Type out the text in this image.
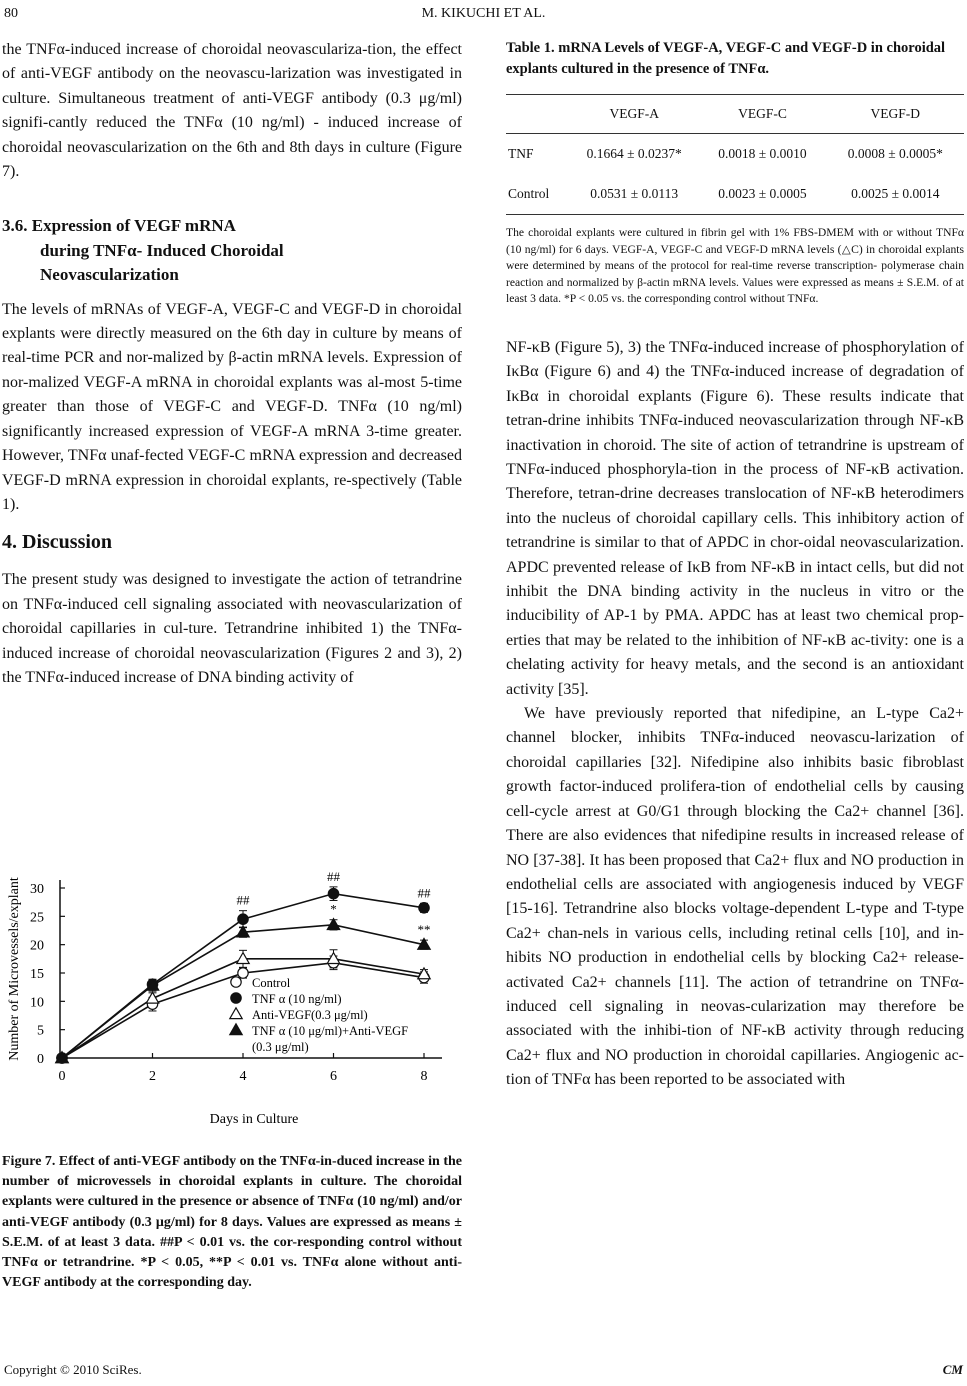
80	M. KIKUCHI ET AL.

the TNFα-induced increase of choroidal neovasculariza-tion, the effect of anti-VEGF antibody on the neovascu-larization was investigated in culture. Simultaneous treatment of anti-VEGF antibody (0.3 μg/ml) signifi-cantly reduced the TNFα (10 ng/ml) - induced increase of choroidal neovascularization on the 6th and 8th days in culture (Figure 7).

3.6. Expression of VEGF mRNA
during TNFα- Induced Choroidal
Neovascularization

The levels of mRNAs of VEGF-A, VEGF-C and VEGF-D in choroidal explants were directly measured on the 6th day in culture by means of real-time PCR and nor-malized by β-actin mRNA levels. Expression of nor-malized VEGF-A mRNA in choroidal explants was al-most 5-time greater than those of VEGF-C and VEGF-D. TNFα (10 ng/ml) significantly increased expression of VEGF-A mRNA 3-time greater. However, TNFα unaf-fected VEGF-C mRNA expression and decreased VEGF-D mRNA expression in choroidal explants, re-spectively (Table 1).

4. Discussion

The present study was designed to investigate the action of tetrandrine on TNFα-induced cell signaling associated with neovascularization of choroidal capillaries in cul-ture. Tetrandrine inhibited 1) the TNFα-induced increase of choroidal neovascularization (Figures 2 and 3), 2) the TNFα-induced increase of DNA binding activity of

Number of Microvessels/explant
Days in Culture
0
5
10
15
20
25
30
0	2	4	6	8
##
##
##
*
**
Control
TNF α (10 ng/ml)
Anti-VEGF(0.3 μg/ml)
TNF α (10 μg/ml)+Anti-VEGF
(0.3 μg/ml)
Figure 7. Effect of anti-VEGF antibody on the TNFα-in-duced increase in the number of microvessels in choroidal explants in culture. The choroidal explants were cultured in the presence or absence of TNFα (10 ng/ml) and/or anti-VEGF antibody (0.3 μg/ml) for 8 days. Values are expressed as means ± S.E.M. of at least 3 data. ##P < 0.01 vs. the cor-responding control without TNFα or tetrandrine. *P < 0.05, **P < 0.01 vs. TNFα alone without anti-VEGF antibody at the corresponding day.
Table 1. mRNA Levels of VEGF-A, VEGF-C and VEGF-D in choroidal explants cultured in the presence of TNFα.
	VEGF-A	VEGF-C	VEGF-D
TNF	0.1664 ± 0.0237*	0.0018 ± 0.0010	0.0008 ± 0.0005*
Control	0.0531 ± 0.0113	0.0023 ± 0.0005	0.0025 ± 0.0014
The choroidal explants were cultured in fibrin gel with 1% FBS-DMEM with or without TNFα (10 ng/ml) for 6 days. VEGF-A, VEGF-C and VEGF-D mRNA levels (△C) in choroidal explants were determined by means of the protocol for real-time reverse transcription- polymerase chain reaction and normalized by β-actin mRNA levels. Values were expressed as means ± S.E.M. of at least 3 data. *P < 0.05 vs. the corresponding control without TNFα.

NF-κB (Figure 5), 3) the TNFα-induced increase of phosphorylation of IκBα (Figure 6) and 4) the TNFα-induced increase of degradation of IκBα in choroidal explants (Figure 6). These results indicate that tetran-drine inhibits TNFα-induced neovascularization through NF-κB inactivation in choroid. The site of action of tetrandrine is upstream of TNFα-induced phosphoryla-tion in the process of NF-κB activation. Therefore, tetran-drine decreases translocation of NF-κB heterodimers into the nucleus of choroidal capillary cells. This inhibitory action of tetrandrine is similar to that of APDC in chor-oidal neovascularization. APDC prevented release of IκB from NF-κB in intact cells, but did not inhibit the DNA binding activity in the nucleus in vitro or the inducibility of AP-1 by PMA. APDC has at least two chemical prop-erties that may be related to the inhibition of NF-κB ac-tivity: one is a chelating activity for heavy metals, and the second is an antioxidant activity [35].

We have previously reported that nifedipine, an L-type Ca2+ channel blocker, inhibits TNFα-induced neovascu-larization of choroidal capillaries [32]. Nifedipine also inhibits basic fibroblast growth factor-induced prolifera-tion of endothelial cells by causing cell-cycle arrest at G0/G1 through blocking the Ca2+ channel [36]. There are also evidences that nifedipine results in increased release of NO [37-38]. It has been proposed that Ca2+ flux and NO production in endothelial cells are associated with angiogenesis induced by VEGF [15-16]. Tetrandrine also blocks voltage-dependent L-type and T-type Ca2+ chan-nels in various cells, including retinal cells [10], and in-hibits NO production in endothelial cells by blocking Ca2+ release-activated Ca2+ channels [11]. The action of tetrandrine on TNFα-induced cell signaling in neovas-cularization may therefore be associated with the inhibi-tion of NF-κB activity through reducing Ca2+ flux and NO production in choroidal capillaries. Angiogenic ac-tion of TNFα has been reported to be associated with

Copyright © 2010 SciRes.	CM
